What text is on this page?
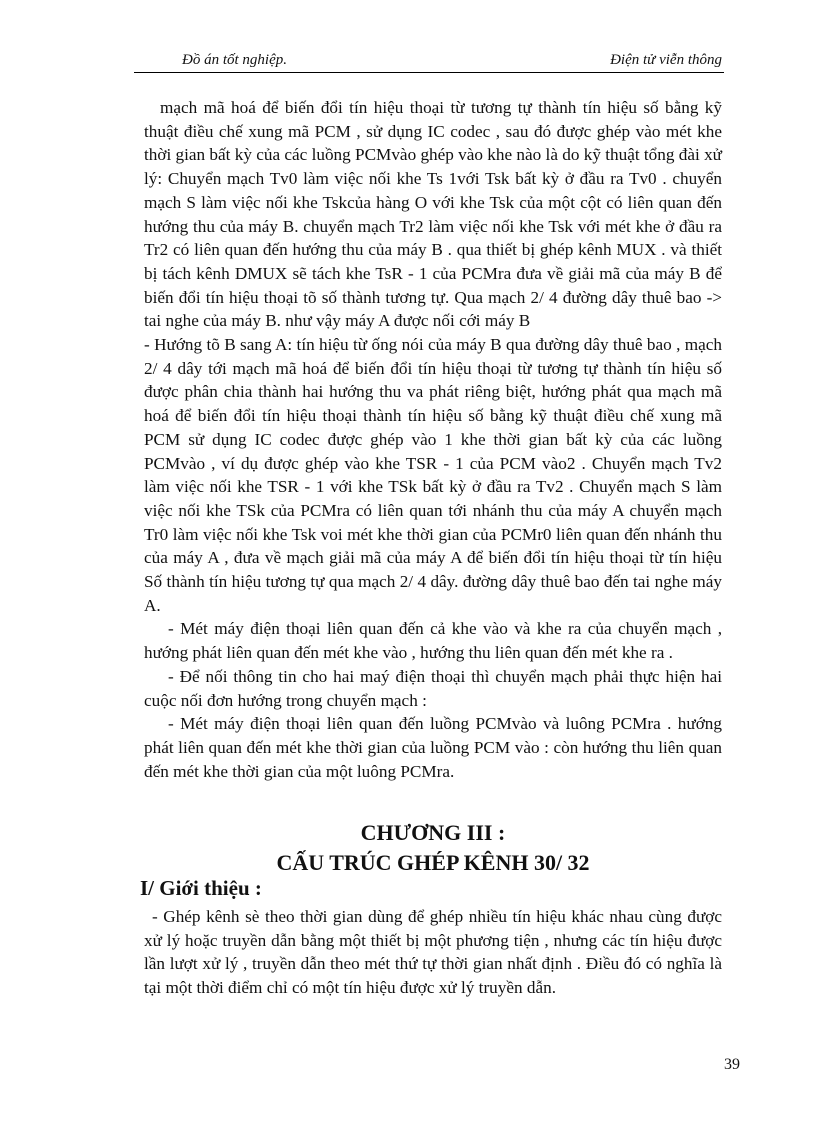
Đồ án tốt nghiệp.	Điện tử viễn thông

mạch mã hoá để biến đổi tín hiệu thoại từ tương tự thành tín hiệu số bằng kỹ thuật điều chế xung mã PCM , sử dụng IC codec , sau đó được ghép vào mét khe thời gian bất kỳ của các luồng PCMvào ghép vào khe nào là do kỹ thuật tổng đài xử lý: Chuyển mạch Tv0 làm việc nối khe Ts 1với Tsk bất kỳ ở đầu ra Tv0 . chuyển mạch S làm việc nối khe Tskcủa hàng O với khe Tsk của một cột có liên quan đến hướng thu của máy B. chuyển mạch Tr2 làm việc nối khe Tsk với mét khe ở đầu ra Tr2 có liên quan đến hướng thu của máy B . qua thiết bị ghép kênh MUX . và thiết bị tách kênh DMUX sẽ tách khe TsR - 1 của PCMra đưa về giải mã của máy B để biến đổi tín hiệu thoại tõ số thành tương tự. Qua mạch 2/ 4 đường dây thuê bao -> tai nghe của máy B. như vậy máy A được nối cới máy B

- Hướng tõ B sang A: tín hiệu từ ống nói của máy B qua đường dây thuê bao , mạch 2/ 4 dây tới mạch mã hoá để biến đổi tín hiệu thoại từ tương tự thành tín hiệu số được phân chia thành hai hướng thu va phát riêng biệt, hướng phát qua mạch mã hoá để biến đổi tín hiệu thoại thành tín hiệu số bằng kỹ thuật điều chế xung mã PCM sử dụng IC codec được ghép vào 1 khe thời gian bất kỳ của các luồng PCMvào , ví dụ được ghép vào khe TSR - 1 của PCM vào2 . Chuyển mạch Tv2 làm việc nối khe TSR - 1 với khe TSk bất kỳ ở đầu ra Tv2 . Chuyển mạch S làm việc nối khe TSk của PCMra có liên quan tới nhánh thu của máy A chuyển mạch Tr0 làm việc nối khe Tsk voi mét khe thời gian của PCMr0 liên quan đến nhánh thu của máy A , đưa về mạch giải mã của máy A để biến đổi tín hiệu thoại từ tín hiệu Số thành tín hiệu tương tự qua mạch 2/ 4 dây. đường dây thuê bao đến tai nghe máy A.

- Mét máy điện thoại liên quan đến cả khe vào và khe ra của chuyển mạch , hướng phát liên quan đến mét khe vào , hướng thu liên quan đến mét khe ra .

- Để nối thông tin cho hai maý điện thoại thì chuyển mạch phải thực hiện hai cuộc nối đơn hướng trong chuyển mạch :

- Mét máy điện thoại liên quan đến luồng PCMvào và luông PCMra . hướng phát liên quan đến mét khe thời gian của luồng PCM vào : còn hướng thu liên quan đến mét khe thời gian của một luông PCMra.

CHƯƠNG III :
CẤU TRÚC GHÉP KÊNH 30/ 32
I/ Giới thiệu :

- Ghép kênh sè theo thời gian dùng để ghép nhiều tín hiệu khác nhau cùng được xử lý hoặc truyền dẫn bằng một thiết bị một phương tiện , nhưng các tín hiệu được lần lượt xử lý , truyền dẫn theo mét thứ tự thời gian nhất định . Điều đó có nghĩa là tại một thời điểm chỉ có một tín hiệu được xử lý truyền dẫn.

39
